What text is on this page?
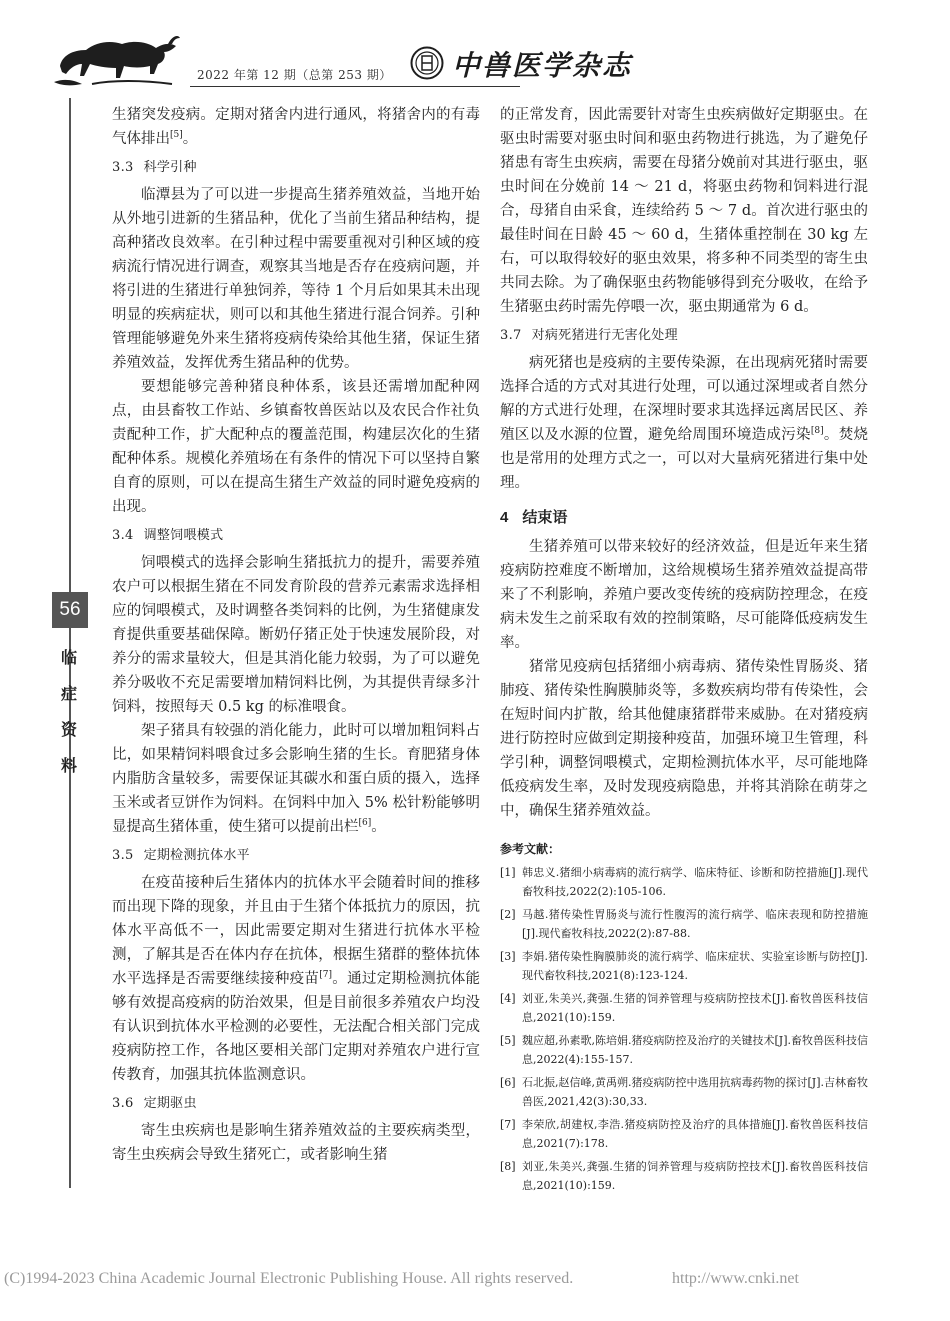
2022 年第 12 期（总第 253 期） 中兽医学杂志
56
临
症
资
料

生猪突发疫病。定期对猪舍内进行通风，将猪舍内的有毒气体排出[5]。

3.3 科学引种

临潭县为了可以进一步提高生猪养殖效益，当地开始从外地引进新的生猪品种，优化了当前生猪品种结构，提高种猪改良效率。在引种过程中需要重视对引种区域的疫病流行情况进行调查，观察其当地是否存在疫病问题，并将引进的生猪进行单独饲养，等待 1 个月后如果其未出现明显的疾病症状，则可以和其他生猪进行混合饲养。引种管理能够避免外来生猪将疫病传染给其他生猪，保证生猪养殖效益，发挥优秀生猪品种的优势。

要想能够完善种猪良种体系，该县还需增加配种网点，由县畜牧工作站、乡镇畜牧兽医站以及农民合作社负责配种工作，扩大配种点的覆盖范围，构建层次化的生猪配种体系。规模化养殖场在有条件的情况下可以坚持自繁自育的原则，可以在提高生猪生产效益的同时避免疫病的出现。

3.4 调整饲喂模式

饲喂模式的选择会影响生猪抵抗力的提升，需要养殖农户可以根据生猪在不同发育阶段的营养元素需求选择相应的饲喂模式，及时调整各类饲料的比例，为生猪健康发育提供重要基础保障。断奶仔猪正处于快速发展阶段，对养分的需求量较大，但是其消化能力较弱，为了可以避免养分吸收不充足需要增加精饲料比例，为其提供青绿多汁饲料，按照每天 0.5 kg 的标准喂食。

架子猪具有较强的消化能力，此时可以增加粗饲料占比，如果精饲料喂食过多会影响生猪的生长。育肥猪身体内脂肪含量较多，需要保证其碳水和蛋白质的摄入，选择玉米或者豆饼作为饲料。在饲料中加入 5% 松针粉能够明显提高生猪体重，使生猪可以提前出栏[6]。

3.5 定期检测抗体水平

在疫苗接种后生猪体内的抗体水平会随着时间的推移而出现下降的现象，并且由于生猪个体抵抗力的原因，抗体水平高低不一，因此需要定期对生猪进行抗体水平检测，了解其是否在体内存在抗体，根据生猪群的整体抗体水平选择是否需要继续接种疫苗[7]。通过定期检测抗体能够有效提高疫病的防治效果，但是目前很多养殖农户均没有认识到抗体水平检测的必要性，无法配合相关部门完成疫病防控工作，各地区要相关部门定期对养殖农户进行宣传教育，加强其抗体监测意识。

3.6 定期驱虫

寄生虫疾病也是影响生猪养殖效益的主要疾病类型，寄生虫疾病会导致生猪死亡，或者影响生猪

的正常发育，因此需要针对寄生虫疾病做好定期驱虫。在驱虫时需要对驱虫时间和驱虫药物进行挑选，为了避免仔猪患有寄生虫疾病，需要在母猪分娩前对其进行驱虫，驱虫时间在分娩前 14 ～ 21 d，将驱虫药物和饲料进行混合，母猪自由采食，连续给药 5 ～ 7 d。首次进行驱虫的最佳时间在日龄 45 ～ 60 d，生猪体重控制在 30 kg 左右，可以取得较好的驱虫效果，将多种不同类型的寄生虫共同去除。为了确保驱虫药物能够得到充分吸收，在给予生猪驱虫药时需先停喂一次，驱虫期通常为 6 d。

3.7 对病死猪进行无害化处理

病死猪也是疫病的主要传染源，在出现病死猪时需要选择合适的方式对其进行处理，可以通过深埋或者自然分解的方式进行处理，在深埋时要求其选择远离居民区、养殖区以及水源的位置，避免给周围环境造成污染[8]。焚烧也是常用的处理方式之一，可以对大量病死猪进行集中处理。

4 结束语

生猪养殖可以带来较好的经济效益，但是近年来生猪疫病防控难度不断增加，这给规模场生猪养殖效益提高带来了不利影响，养殖户要改变传统的疫病防控理念，在疫病未发生之前采取有效的控制策略，尽可能降低疫病发生率。

猪常见疫病包括猪细小病毒病、猪传染性胃肠炎、猪肺疫、猪传染性胸膜肺炎等，多数疾病均带有传染性，会在短时间内扩散，给其他健康猪群带来威胁。在对猪疫病进行防控时应做到定期接种疫苗，加强环境卫生管理，科学引种，调整饲喂模式，定期检测抗体水平，尽可能地降低疫病发生率，及时发现疫病隐患，并将其消除在萌芽之中，确保生猪养殖效益。

参考文献：
[1] 韩忠义.猪细小病毒病的流行病学、临床特征、诊断和防控措施[J].现代畜牧科技,2022(2):105-106.
[2] 马越.猪传染性胃肠炎与流行性腹泻的流行病学、临床表现和防控措施[J].现代畜牧科技,2022(2):87-88.
[3] 李娟.猪传染性胸膜肺炎的流行病学、临床症状、实验室诊断与防控[J].现代畜牧科技,2021(8):123-124.
[4] 刘亚,朱美兴,龚强.生猪的饲养管理与疫病防控技术[J].畜牧兽医科技信息,2021(10):159.
[5] 魏应超,孙素歌,陈培娟.猪疫病防控及治疗的关键技术[J].畜牧兽医科技信息,2022(4):155-157.
[6] 石北振,赵信峰,黄禹朔.猪疫病防控中选用抗病毒药物的探讨[J].吉林畜牧兽医,2021,42(3):30,33.
[7] 李荣欣,胡建权,李浩.猪疫病防控及治疗的具体措施[J].畜牧兽医科技信息,2021(7):178.
[8] 刘亚,朱美兴,龚强.生猪的饲养管理与疫病防控技术[J].畜牧兽医科技信息,2021(10):159.
(C)1994-2023 China Academic Journal Electronic Publishing House. All rights reserved.	http://www.cnki.net
